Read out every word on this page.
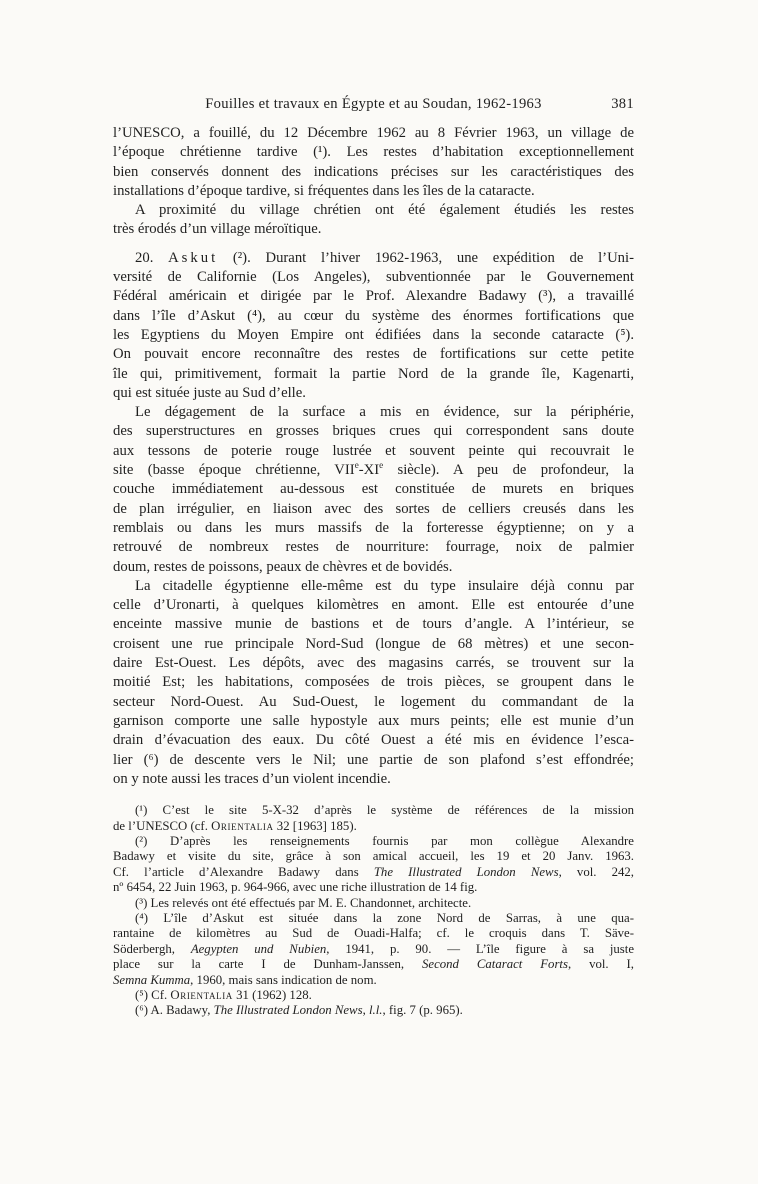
Fouilles et travaux en Égypte et au Soudan, 1962-1963	381
l’UNESCO, a fouillé, du 12 Décembre 1962 au 8 Février 1963, un village de
l’époque chrétienne tardive (¹). Les restes d’habitation exceptionnellement
bien conservés donnent des indications précises sur les caractéristiques des
installations d’époque tardive, si fréquentes dans les îles de la cataracte.
A proximité du village chrétien ont été également étudiés les restes
très érodés d’un village méroïtique.
20. Askut (²). Durant l’hiver 1962-1963, une expédition de l’Uni-
versité de Californie (Los Angeles), subventionnée par le Gouvernement
Fédéral américain et dirigée par le Prof. Alexandre Badawy (³), a travaillé
dans l’île d’Askut (⁴), au cœur du système des énormes fortifications que
les Egyptiens du Moyen Empire ont édifiées dans la seconde cataracte (⁵).
On pouvait encore reconnaître des restes de fortifications sur cette petite
île qui, primitivement, formait la partie Nord de la grande île, Kagenarti,
qui est située juste au Sud d’elle.
Le dégagement de la surface a mis en évidence, sur la périphérie,
des superstructures en grosses briques crues qui correspondent sans doute
aux tessons de poterie rouge lustrée et souvent peinte qui recouvrait le
site (basse époque chrétienne, VIIe-XIe siècle). A peu de profondeur, la
couche immédiatement au-dessous est constituée de murets en briques
de plan irrégulier, en liaison avec des sortes de celliers creusés dans les
remblais ou dans les murs massifs de la forteresse égyptienne; on y a
retrouvé de nombreux restes de nourriture: fourrage, noix de palmier
doum, restes de poissons, peaux de chèvres et de bovidés.
La citadelle égyptienne elle-même est du type insulaire déjà connu par
celle d’Uronarti, à quelques kilomètres en amont. Elle est entourée d’une
enceinte massive munie de bastions et de tours d’angle. A l’intérieur, se
croisent une rue principale Nord-Sud (longue de 68 mètres) et une secon-
daire Est-Ouest. Les dépôts, avec des magasins carrés, se trouvent sur la
moitié Est; les habitations, composées de trois pièces, se groupent dans le
secteur Nord-Ouest. Au Sud-Ouest, le logement du commandant de la
garnison comporte une salle hypostyle aux murs peints; elle est munie d’un
drain d’évacuation des eaux. Du côté Ouest a été mis en évidence l’esca-
lier (⁶) de descente vers le Nil; une partie de son plafond s’est effondrée;
on y note aussi les traces d’un violent incendie.
(¹) C’est le site 5-X-32 d’après le système de références de la mission
de l’UNESCO (cf. Orientalia 32 [1963] 185).
(²) D’après les renseignements fournis par mon collègue Alexandre
Badawy et visite du site, grâce à son amical accueil, les 19 et 20 Janv. 1963.
Cf. l’article d’Alexandre Badawy dans The Illustrated London News, vol. 242,
nº 6454, 22 Juin 1963, p. 964-966, avec une riche illustration de 14 fig.
(³) Les relevés ont été effectués par M. E. Chandonnet, architecte.
(⁴) L’île d’Askut est située dans la zone Nord de Sarras, à une qua-
rantaine de kilomètres au Sud de Ouadi-Halfa; cf. le croquis dans T. Säve-
Söderbergh, Aegypten und Nubien, 1941, p. 90. — L’île figure à sa juste
place sur la carte I de Dunham-Janssen, Second Cataract Forts, vol. I,
Semna Kumma, 1960, mais sans indication de nom.
(⁵) Cf. Orientalia 31 (1962) 128.
(⁶) A. Badawy, The Illustrated London News, l.l., fig. 7 (p. 965).
